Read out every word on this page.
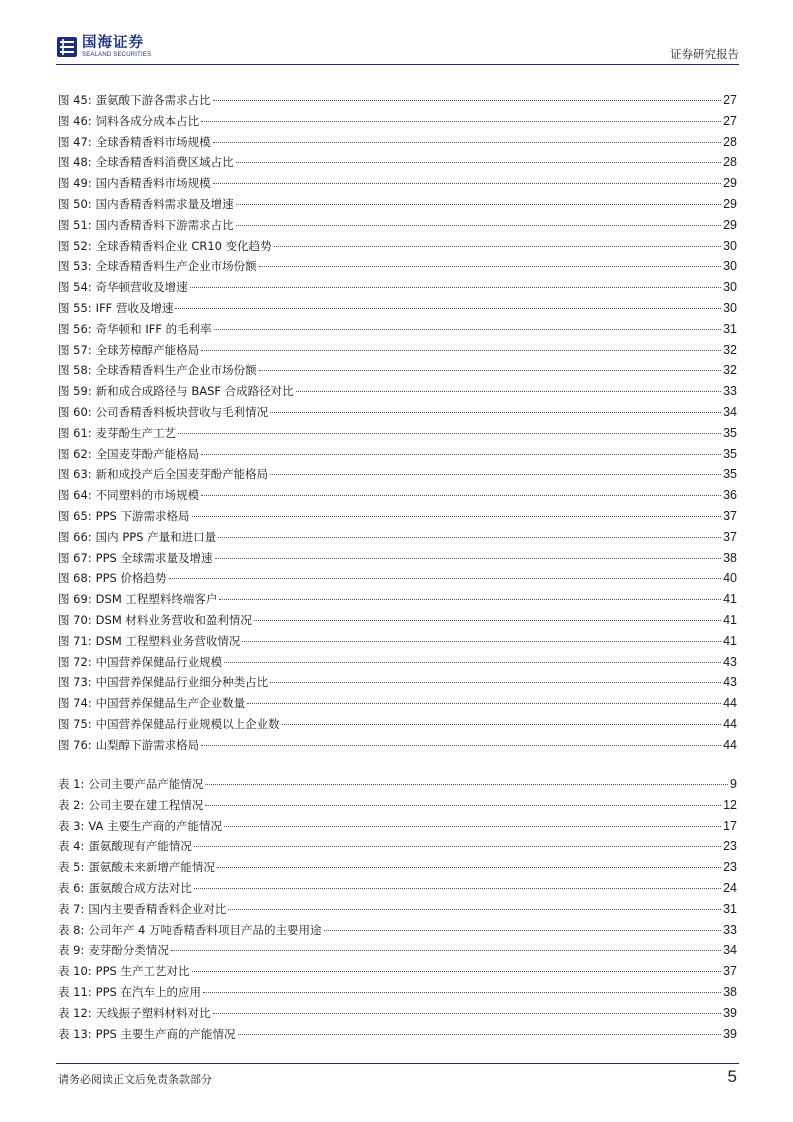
国海证券
SEALAND SECURITIES	证券研究报告
图 45: 蛋氨酸下游各需求占比	27
图 46: 饲料各成分成本占比	27
图 47: 全球香精香料市场规模	28
图 48: 全球香精香料消费区域占比	28
图 49: 国内香精香料市场规模	29
图 50: 国内香精香料需求量及增速	29
图 51: 国内香精香料下游需求占比	29
图 52: 全球香精香料企业 CR10 变化趋势	30
图 53: 全球香精香料生产企业市场份额	30
图 54: 奇华顿营收及增速	30
图 55: IFF 营收及增速	30
图 56: 奇华顿和 IFF 的毛利率	31
图 57: 全球芳樟醇产能格局	32
图 58: 全球香精香料生产企业市场份额	32
图 59: 新和成合成路径与 BASF 合成路径对比	33
图 60: 公司香精香料板块营收与毛利情况	34
图 61: 麦芽酚生产工艺	35
图 62: 全国麦芽酚产能格局	35
图 63: 新和成投产后全国麦芽酚产能格局	35
图 64: 不同塑料的市场规模	36
图 65: PPS 下游需求格局	37
图 66: 国内 PPS 产量和进口量	37
图 67: PPS 全球需求量及增速	38
图 68: PPS 价格趋势	40
图 69: DSM 工程塑料终端客户	41
图 70: DSM 材料业务营收和盈利情况	41
图 71: DSM 工程塑料业务营收情况	41
图 72: 中国营养保健品行业规模	43
图 73: 中国营养保健品行业细分种类占比	43
图 74: 中国营养保健品生产企业数量	44
图 75: 中国营养保健品行业规模以上企业数	44
图 76: 山梨醇下游需求格局	44
表 1: 公司主要产品产能情况	9
表 2: 公司主要在建工程情况	12
表 3: VA 主要生产商的产能情况	17
表 4: 蛋氨酸现有产能情况	23
表 5: 蛋氨酸未来新增产能情况	23
表 6: 蛋氨酸合成方法对比	24
表 7: 国内主要香精香料企业对比	31
表 8: 公司年产 4 万吨香精香料项目产品的主要用途	33
表 9: 麦芽酚分类情况	34
表 10: PPS 生产工艺对比	37
表 11: PPS 在汽车上的应用	38
表 12: 天线振子塑料材料对比	39
表 13: PPS 主要生产商的产能情况	39
请务必阅读正文后免责条款部分	5
